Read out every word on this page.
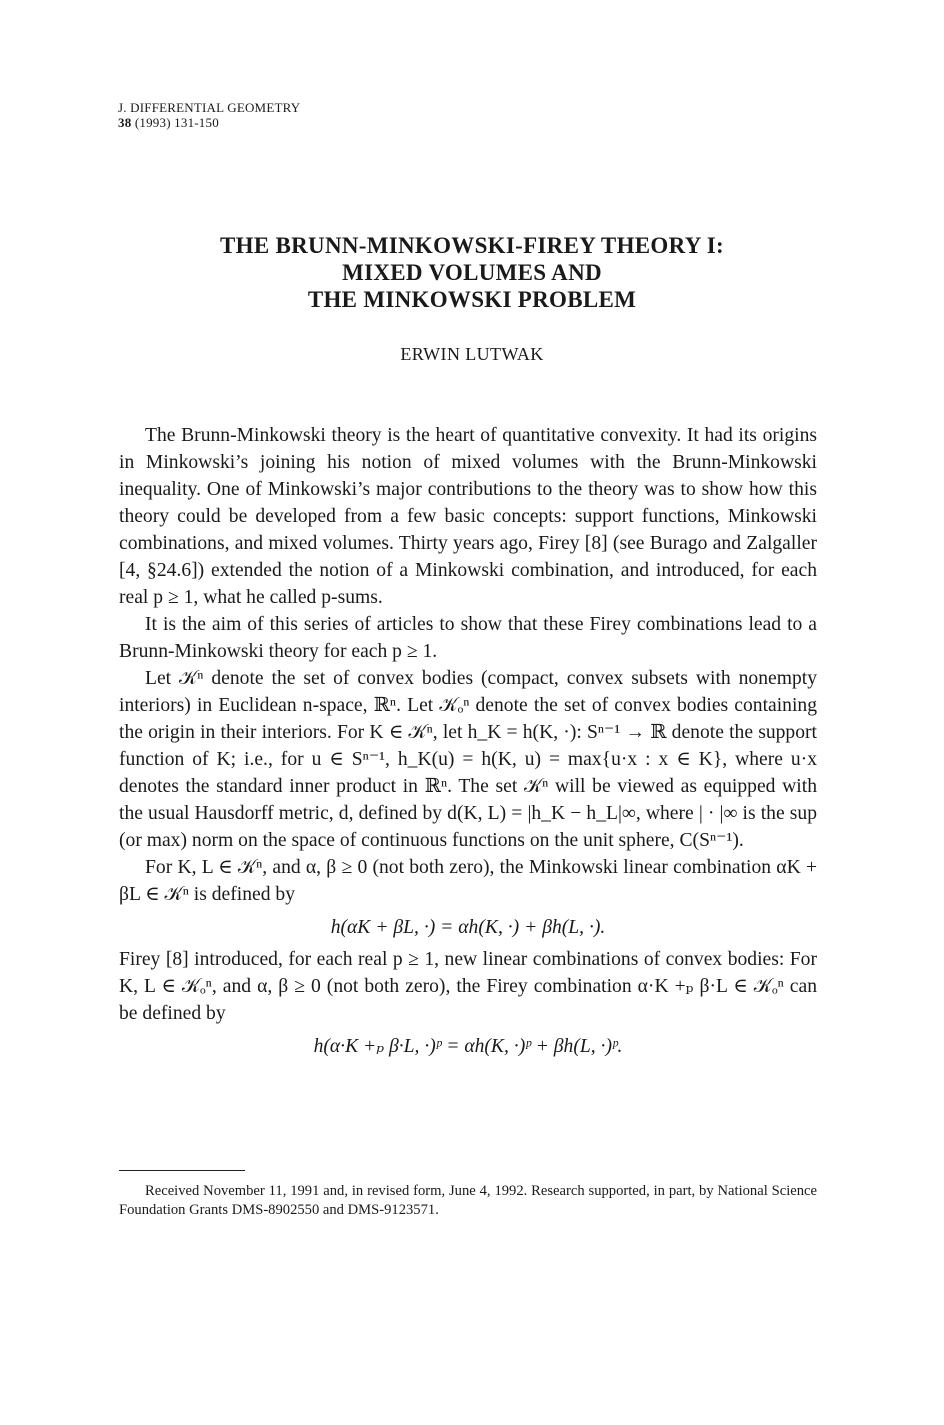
J. DIFFERENTIAL GEOMETRY
38 (1993) 131-150
THE BRUNN-MINKOWSKI-FIREY THEORY I:
MIXED VOLUMES AND
THE MINKOWSKI PROBLEM
ERWIN LUTWAK

The Brunn-Minkowski theory is the heart of quantitative convexity. It had its origins in Minkowski’s joining his notion of mixed volumes with the Brunn-Minkowski inequality. One of Minkowski’s major contributions to the theory was to show how this theory could be developed from a few basic concepts: support functions, Minkowski combinations, and mixed volumes. Thirty years ago, Firey [8] (see Burago and Zalgaller [4, §24.6]) extended the notion of a Minkowski combination, and introduced, for each real p ≥ 1, what he called p-sums.

It is the aim of this series of articles to show that these Firey combinations lead to a Brunn-Minkowski theory for each p ≥ 1.

Let 𝒦ⁿ denote the set of convex bodies (compact, convex subsets with nonempty interiors) in Euclidean n-space, ℝⁿ. Let 𝒦ₒⁿ denote the set of convex bodies containing the origin in their interiors. For K ∈ 𝒦ⁿ, let h_K = h(K, ·): Sⁿ⁻¹ → ℝ denote the support function of K; i.e., for u ∈ Sⁿ⁻¹, h_K(u) = h(K, u) = max{u·x : x ∈ K}, where u·x denotes the standard inner product in ℝⁿ. The set 𝒦ⁿ will be viewed as equipped with the usual Hausdorff metric, d, defined by d(K, L) = |h_K − h_L|∞, where | · |∞ is the sup (or max) norm on the space of continuous functions on the unit sphere, C(Sⁿ⁻¹).

For K, L ∈ 𝒦ⁿ, and α, β ≥ 0 (not both zero), the Minkowski linear combination αK + βL ∈ 𝒦ⁿ is defined by

h(αK + βL, ·) = αh(K, ·) + βh(L, ·).

Firey [8] introduced, for each real p ≥ 1, new linear combinations of convex bodies: For K, L ∈ 𝒦ₒⁿ, and α, β ≥ 0 (not both zero), the Firey combination α·K +ₚ β·L ∈ 𝒦ₒⁿ can be defined by

h(α·K +ₚ β·L, ·)ᵖ = αh(K, ·)ᵖ + βh(L, ·)ᵖ.

Received November 11, 1991 and, in revised form, June 4, 1992. Research supported, in part, by National Science Foundation Grants DMS-8902550 and DMS-9123571.
